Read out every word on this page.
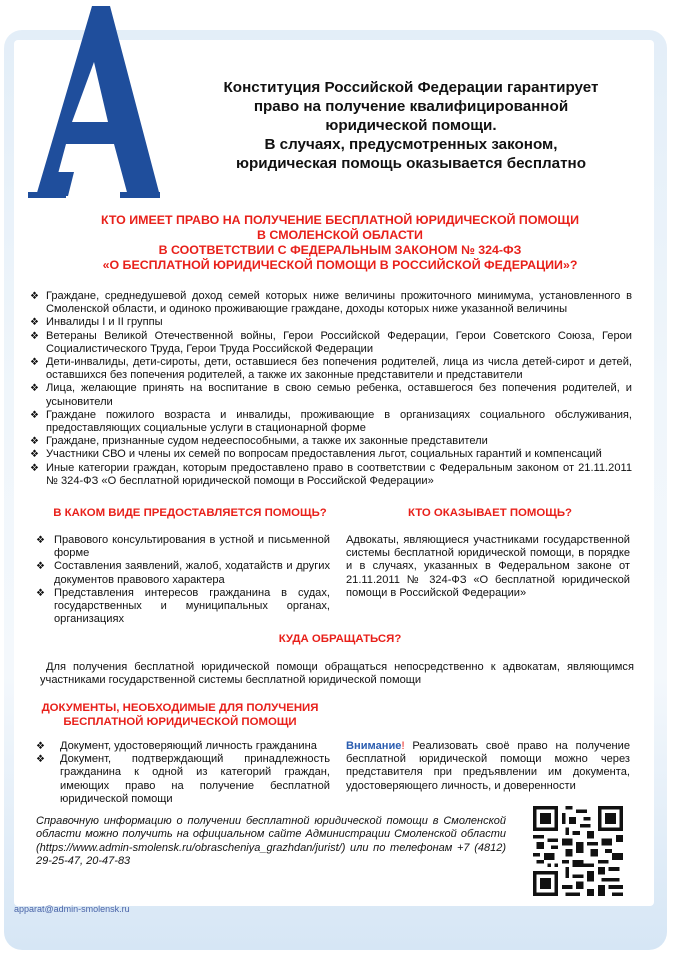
Конституция Российской Федерации гарантирует
право на получение квалифицированной
юридической помощи.
В случаях, предусмотренных законом,
юридическая помощь оказывается бесплатно
КТО ИМЕЕТ ПРАВО НА ПОЛУЧЕНИЕ БЕСПЛАТНОЙ ЮРИДИЧЕСКОЙ ПОМОЩИ
В СМОЛЕНСКОЙ ОБЛАСТИ
В СООТВЕТСТВИИ С ФЕДЕРАЛЬНЫМ ЗАКОНОМ № 324-ФЗ
«О БЕСПЛАТНОЙ ЮРИДИЧЕСКОЙ ПОМОЩИ В РОССИЙСКОЙ ФЕДЕРАЦИИ»?
❖ Граждане, среднедушевой доход семей которых ниже величины прожиточного минимума, установленного в Смоленской области, и одиноко проживающие граждане, доходы которых ниже указанной величины
❖ Инвалиды I и II группы
❖ Ветераны Великой Отечественной войны, Герои Российской Федерации, Герои Советского Союза, Герои Социалистического Труда, Герои Труда Российской Федерации
❖ Дети-инвалиды, дети-сироты, дети, оставшиеся без попечения родителей, лица из числа детей-сирот и детей, оставшихся без попечения родителей, а также их законные представители и представители
❖ Лица, желающие принять на воспитание в свою семью ребенка, оставшегося без попечения родителей, и усыновители
❖ Граждане пожилого возраста и инвалиды, проживающие в организациях социального обслуживания, предоставляющих социальные услуги в стационарной форме
❖ Граждане, признанные судом недееспособными, а также их законные представители
❖ Участники СВО и члены их семей по вопросам предоставления льгот, социальных гарантий и компенсаций
❖ Иные категории граждан, которым предоставлено право в соответствии с Федеральным законом от 21.11.2011 № 324-ФЗ «О бесплатной юридической помощи в Российской Федерации»
В КАКОМ ВИДЕ ПРЕДОСТАВЛЯЕТСЯ ПОМОЩЬ?	КТО ОКАЗЫВАЕТ ПОМОЩЬ?
❖ Правового консультирования в устной и письменной форме
❖ Составления заявлений, жалоб, ходатайств и других документов правового характера
❖ Представления интересов гражданина в судах, государственных и муниципальных органах, организациях
Адвокаты, являющиеся участниками государственной системы бесплатной юридической помощи, в порядке и в случаях, указанных в Федеральном законе от 21.11.2011 № 324-ФЗ «О бесплатной юридической помощи в Российской Федерации»
КУДА ОБРАЩАТЬСЯ?
Для получения бесплатной юридической помощи обращаться непосредственно к адвокатам, являющимся участниками государственной системы бесплатной юридической помощи
ДОКУМЕНТЫ, НЕОБХОДИМЫЕ ДЛЯ ПОЛУЧЕНИЯ
БЕСПЛАТНОЙ ЮРИДИЧЕСКОЙ ПОМОЩИ
❖ Документ, удостоверяющий личность гражданина
❖ Документ, подтверждающий принадлежность гражданина к одной из категорий граждан, имеющих право на получение бесплатной юридической помощи
Внимание! Реализовать своё право на получение бесплатной юридической помощи можно через представителя при предъявлении им документа, удостоверяющего личность, и доверенности
Справочную информацию о получении бесплатной юридической помощи в Смоленской области можно получить на официальном сайте Администрации Смоленской области (https://www.admin-smolensk.ru/obrascheniya_grazhdan/jurist/) или по телефонам +7 (4812) 29-25-47, 20-47-83
apparat@admin-smolensk.ru
